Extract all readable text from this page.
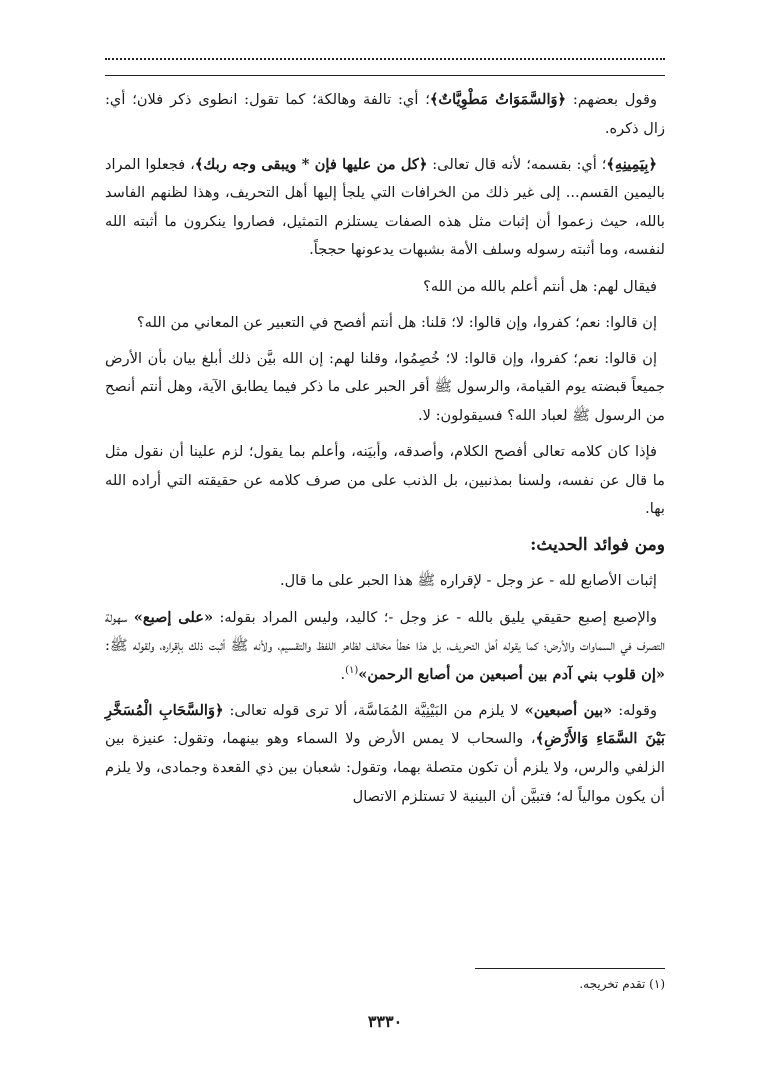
وقول بعضهم: ﴿وَالسَّمَوَاتُ مَطْوِيَّاتٌ﴾؛ أي: تالفة وهالكة؛ كما تقول: انطوى ذكر فلان؛ أي: زال ذكره.

﴿بِيَمِينِهِ﴾؛ أي: بقسمه؛ لأنه قال تعالى: ﴿كل من عليها فإن * ويبقى وجه ربك﴾، فجعلوا المراد باليمين القسم... إلى غير ذلك من الخرافات التي يلجأ إليها أهل التحريف، وهذا لظنهم الفاسد بالله، حيث زعموا أن إثبات مثل هذه الصفات يستلزم التمثيل، فصاروا ينكرون ما أثبته الله لنفسه، وما أثبته رسوله وسلف الأمة بشبهات يدعونها حججاً.

فيقال لهم: هل أنتم أعلم بالله من الله؟

إن قالوا: نعم؛ كفروا، وإن قالوا: لا؛ قلنا: هل أنتم أفصح في التعبير عن المعاني من الله؟

إن قالوا: نعم؛ كفروا، وإن قالوا: لا؛ خُصِمُوا، وقلنا لهم: إن الله بيَّن ذلك أبلغ بيان بأن الأرض جميعاً قبضته يوم القيامة، والرسول ﷺ أقر الحبر على ما ذكر فيما يطابق الآية، وهل أنتم أنصح من الرسول ﷺ لعباد الله؟ فسيقولون: لا.

فإذا كان كلامه تعالى أفصح الكلام، وأصدقه، وأبيَنه، وأعلم بما يقول؛ لزم علينا أن نقول مثل ما قال عن نفسه، ولسنا بمذنبين، بل الذنب على من صرف كلامه عن حقيقته التي أراده الله بها.

ومن فوائد الحديث:

إثبات الأصابع لله - عز وجل - لإقراره ﷺ هذا الحبر على ما قال.

والإصبع إصبع حقيقي يليق بالله - عز وجل -؛ كاليد، وليس المراد بقوله: «على إصبع» سهولة التصرف في السماوات والأرض؛ كما يقوله أهل التحريف، بل هذا خطأ مخالف لظاهر اللفظ والتقسيم، ولأنه ﷺ أثبت ذلك بإقراره، ولقوله ﷺ: «إن قلوب بني آدم بين أصبعين من أصابع الرحمن»$^{(١)}$.

وقوله: «بين أصبعين» لا يلزم من البَيْنِيَّة المُمَاسَّة، ألا ترى قوله تعالى: ﴿وَالسَّحَابِ الْمُسَخَّرِ بَيْنَ السَّمَاءِ وَالأَرْضِ﴾، والسحاب لا يمس الأرض ولا السماء وهو بينهما، وتقول: عنيزة بين الزلفي والرس، ولا يلزم أن تكون متصلة بهما، وتقول: شعبان بين ذي القعدة وجمادى، ولا يلزم أن يكون موالياً له؛ فتبيَّن أن البينية لا تستلزم الاتصال

(١) تقدم تخريجه.
٣٣٣٠
